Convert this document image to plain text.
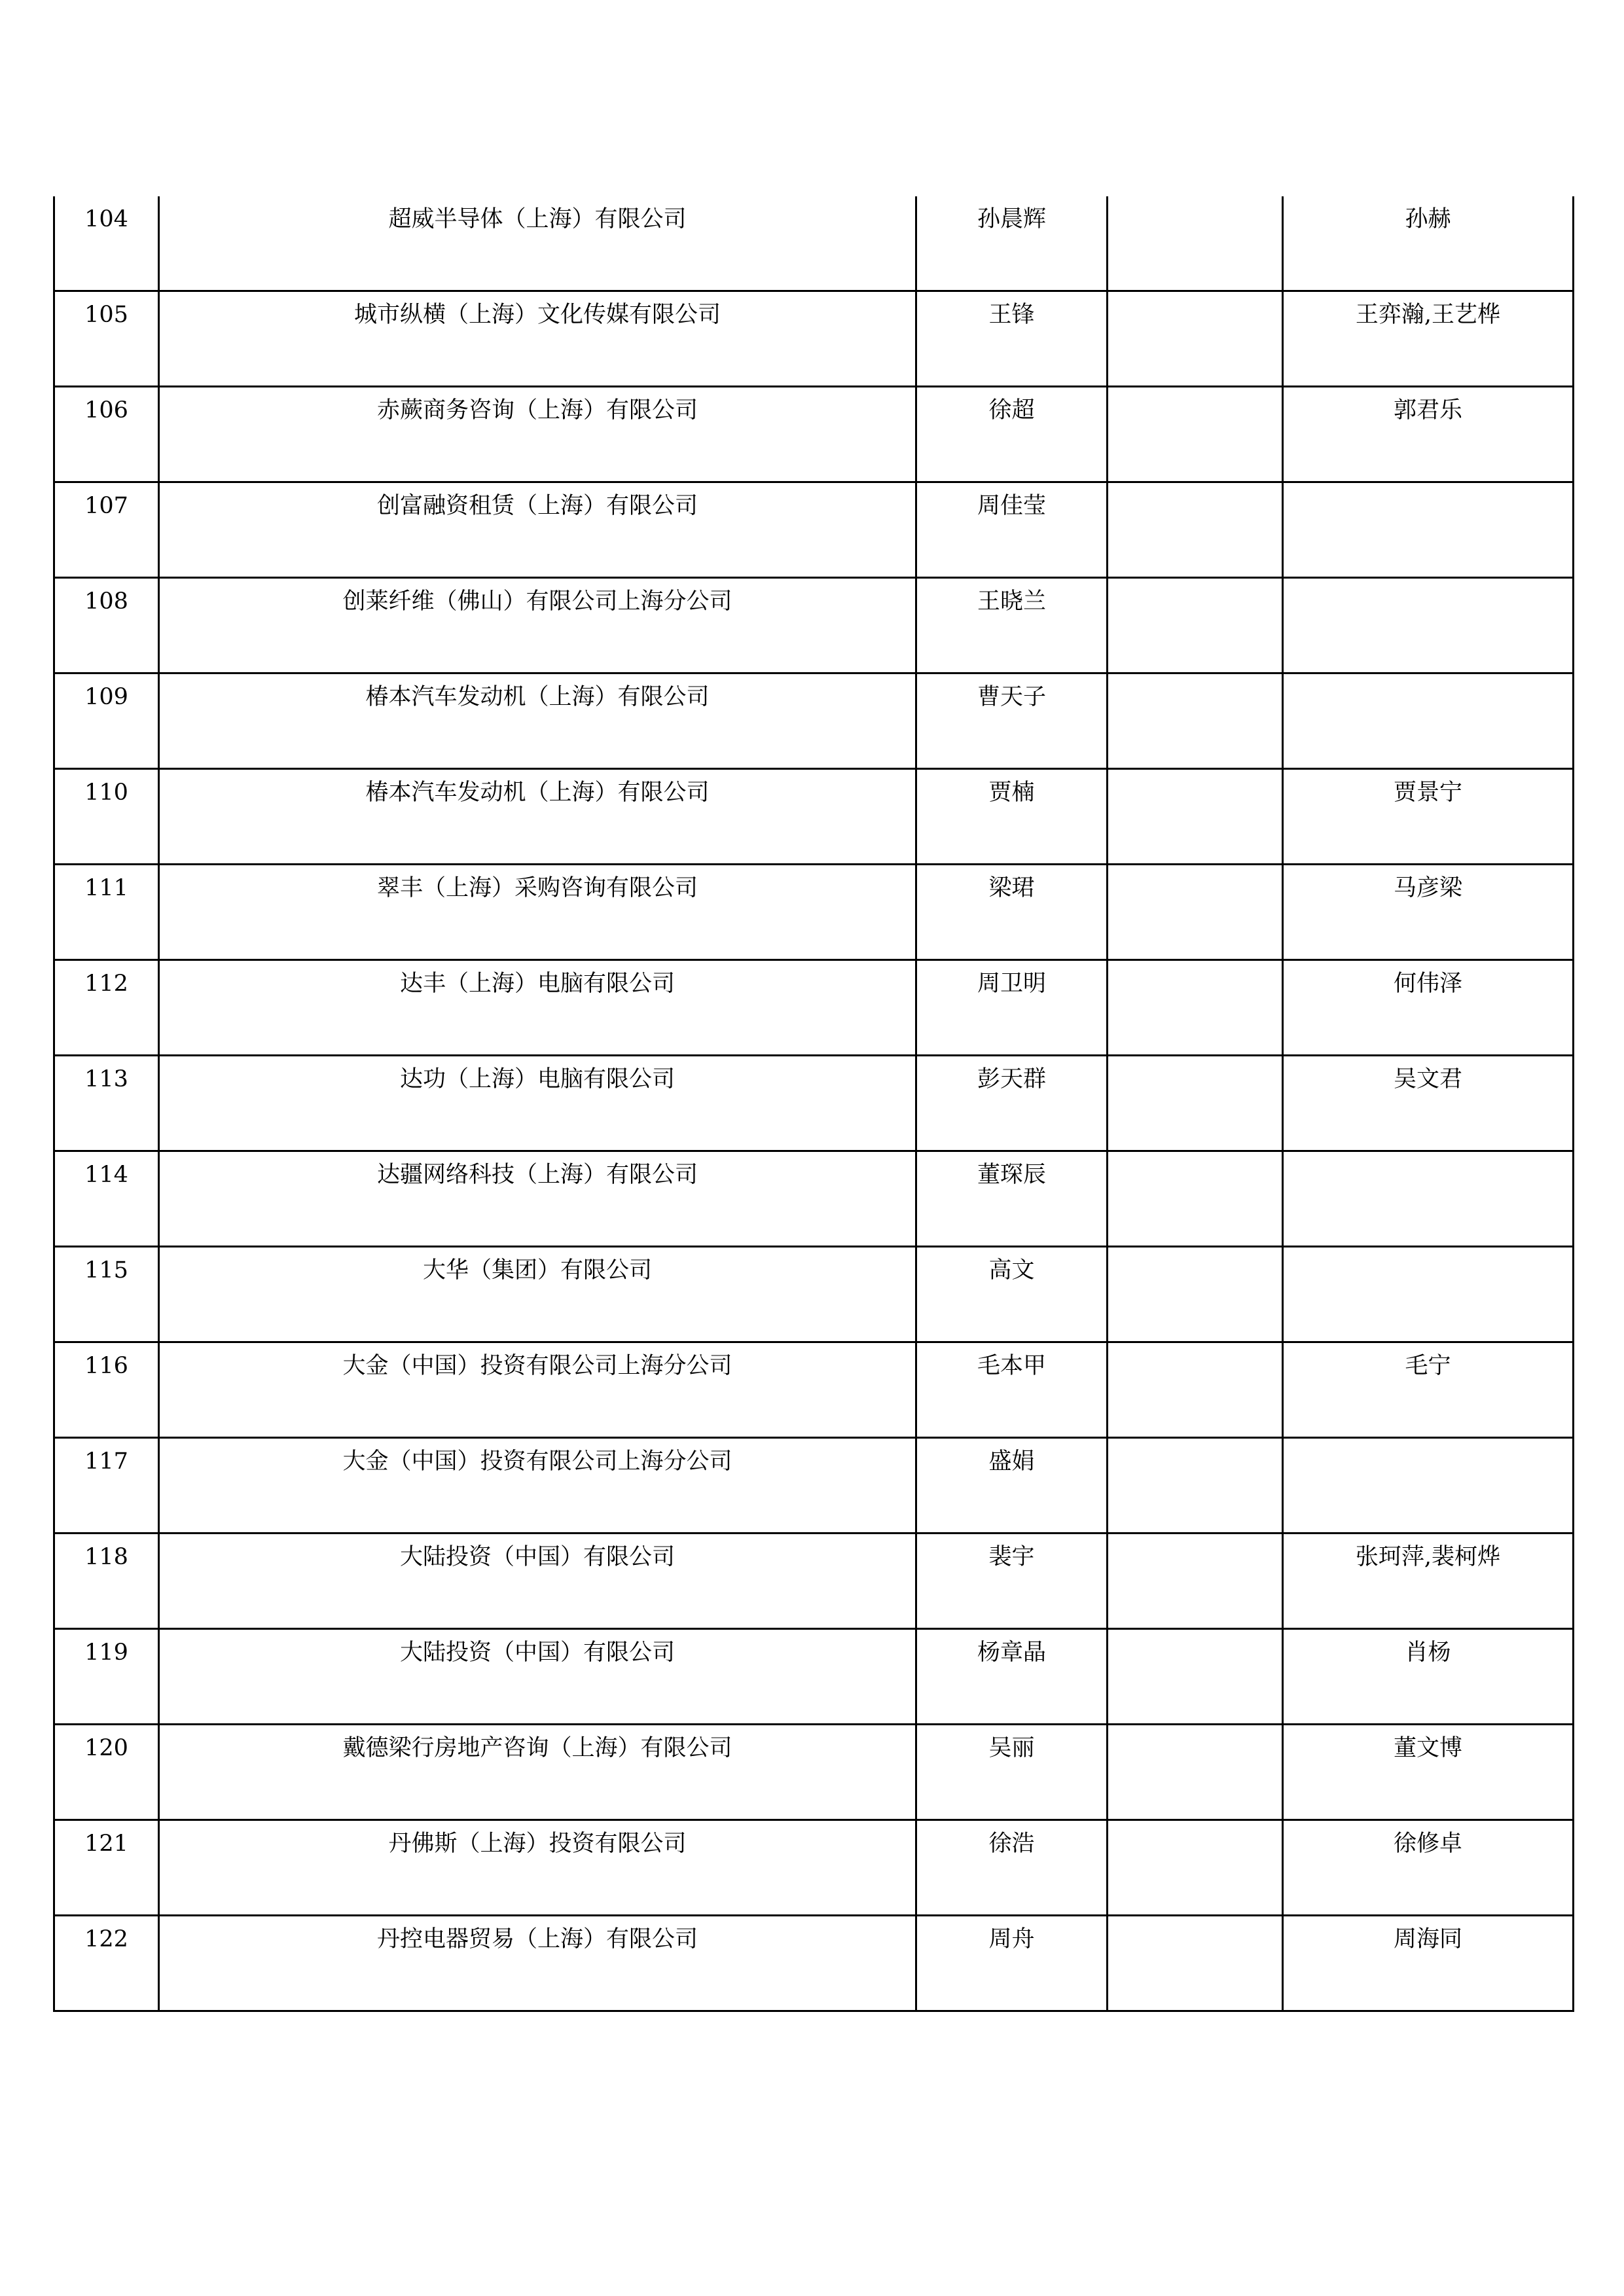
104	超威半导体（上海）有限公司	孙晨辉		孙赫

105	城市纵横（上海）文化传媒有限公司	王锋		王弈瀚,王艺桦

106	赤蕨商务咨询（上海）有限公司	徐超		郭君乐

107	创富融资租赁（上海）有限公司	周佳莹		

108	创莱纤维（佛山）有限公司上海分公司	王晓兰		

109	椿本汽车发动机（上海）有限公司	曹天子		

110	椿本汽车发动机（上海）有限公司	贾楠		贾景宁

111	翠丰（上海）采购咨询有限公司	梁珺		马彦梁

112	达丰（上海）电脑有限公司	周卫明		何伟泽

113	达功（上海）电脑有限公司	彭天群		吴文君

114	达疆网络科技（上海）有限公司	董琛辰		

115	大华（集团）有限公司	高文		

116	大金（中国）投资有限公司上海分公司	毛本甲		毛宁

117	大金（中国）投资有限公司上海分公司	盛娟		

118	大陆投资（中国）有限公司	裴宇		张珂萍,裴柯烨

119	大陆投资（中国）有限公司	杨章晶		肖杨

120	戴德梁行房地产咨询（上海）有限公司	吴丽		董文博

121	丹佛斯（上海）投资有限公司	徐浩		徐修卓

122	丹控电器贸易（上海）有限公司	周舟		周海同
